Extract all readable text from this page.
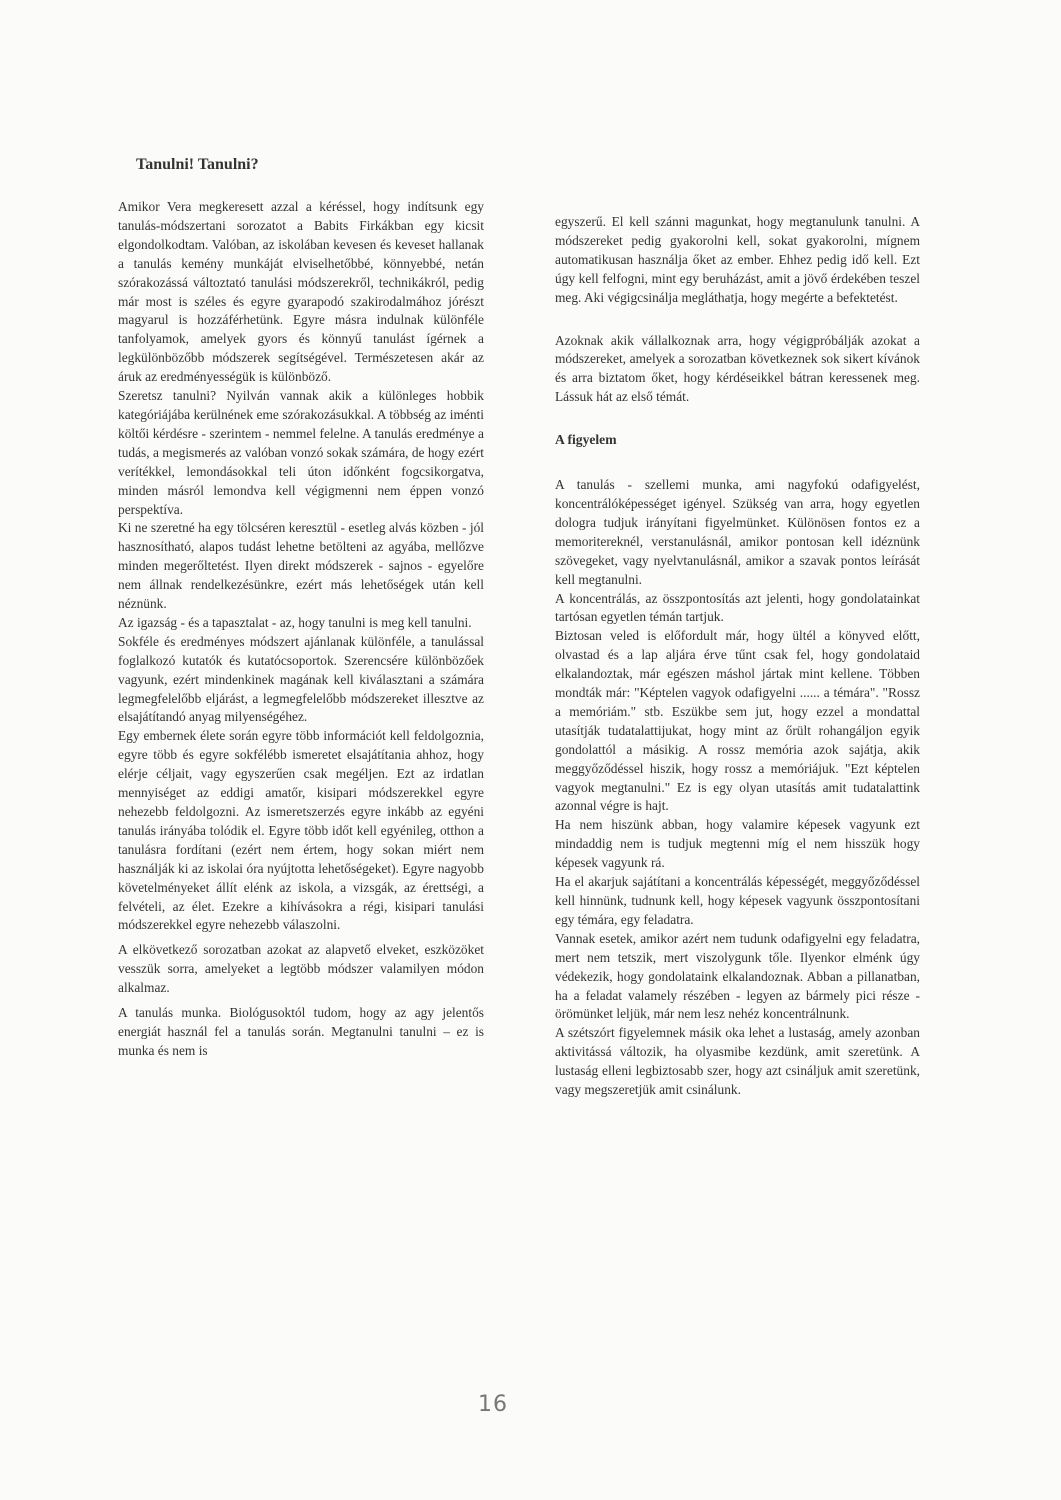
Tanulni! Tanulni?

Amikor Vera megkeresett azzal a kéréssel, hogy indítsunk egy tanulás-módszertani sorozatot a Babits Firkákban egy kicsit elgondolkodtam. Valóban, az iskolában kevesen és keveset hallanak a tanulás kemény munkáját elviselhetőbbé, könnyebbé, netán szórakozássá változtató tanulási módszerekről, technikákról, pedig már most is széles és egyre gyarapodó szakirodalmához jórészt magyarul is hozzáférhetünk. Egyre másra indulnak különféle tanfolyamok, amelyek gyors és könnyű tanulást ígérnek a legkülönbözőbb módszerek segítségével. Természetesen akár az áruk az eredményességük is különböző.

Szeretsz tanulni? Nyilván vannak akik a különleges hobbik kategóriájába kerülnének eme szórakozásukkal. A többség az iménti költői kérdésre - szerintem - nemmel felelne. A tanulás eredménye a tudás, a megismerés az valóban vonzó sokak számára, de hogy ezért verítékkel, lemondásokkal teli úton időnként fogcsikorgatva, minden másról lemondva kell végigmenni nem éppen vonzó perspektíva.

Ki ne szeretné ha egy tölcséren keresztül - esetleg alvás közben - jól hasznosítható, alapos tudást lehetne betölteni az agyába, mellőzve minden megerőltetést. Ilyen direkt módszerek - sajnos - egyelőre nem állnak rendelkezésünkre, ezért más lehetőségek után kell néznünk.

Az igazság - és a tapasztalat - az, hogy tanulni is meg kell tanulni.

Sokféle és eredményes módszert ajánlanak különféle, a tanulással foglalkozó kutatók és kutatócsoportok. Szerencsére különbözőek vagyunk, ezért mindenkinek magának kell kiválasztani a számára legmegfelelőbb eljárást, a legmegfelelőbb módszereket illesztve az elsajátítandó anyag milyenségéhez.

Egy embernek élete során egyre több információt kell feldolgoznia, egyre több és egyre sokfélébb ismeretet elsajátítania ahhoz, hogy elérje céljait, vagy egyszerűen csak megéljen. Ezt az irdatlan mennyiséget az eddigi amatőr, kisipari módszerekkel egyre nehezebb feldolgozni. Az ismeretszerzés egyre inkább az egyéni tanulás irányába tolódik el. Egyre több időt kell egyénileg, otthon a tanulásra fordítani (ezért nem értem, hogy sokan miért nem használják ki az iskolai óra nyújtotta lehetőségeket). Egyre nagyobb követelményeket állít elénk az iskola, a vizsgák, az érettségi, a felvételi, az élet. Ezekre a kihívásokra a régi, kisipari tanulási módszerekkel egyre nehezebb válaszolni.

A elkövetkező sorozatban azokat az alapvető elveket, eszközöket vesszük sorra, amelyeket a legtöbb módszer valamilyen módon alkalmaz.

A tanulás munka. Biológusoktól tudom, hogy az agy jelentős energiát használ fel a tanulás során. Megtanulni tanulni – ez is munka és nem is

egyszerű. El kell szánni magunkat, hogy megtanulunk tanulni. A módszereket pedig gyakorolni kell, sokat gyakorolni, mígnem automatikusan használja őket az ember. Ehhez pedig idő kell. Ezt úgy kell felfogni, mint egy beruházást, amit a jövő érdekében teszel meg. Aki végigcsinálja megláthatja, hogy megérte a befektetést.

Azoknak akik vállalkoznak arra, hogy végigpróbálják azokat a módszereket, amelyek a sorozatban következnek sok sikert kívánok és arra biztatom őket, hogy kérdéseikkel bátran keressenek meg. Lássuk hát az első témát.

A figyelem

A tanulás - szellemi munka, ami nagyfokú odafigyelést, koncentrálóképességet igényel. Szükség van arra, hogy egyetlen dologra tudjuk irányítani figyelmünket. Különösen fontos ez a memoritereknél, verstanulásnál, amikor pontosan kell idéznünk szövegeket, vagy nyelvtanulásnál, amikor a szavak pontos leírását kell megtanulni.

A koncentrálás, az összpontosítás azt jelenti, hogy gondolatainkat tartósan egyetlen témán tartjuk.

Biztosan veled is előfordult már, hogy ültél a könyved előtt, olvastad és a lap aljára érve tűnt csak fel, hogy gondolataid elkalandoztak, már egészen máshol jártak mint kellene. Többen mondták már: "Képtelen vagyok odafigyelni ...... a témára". "Rossz a memóriám." stb. Eszükbe sem jut, hogy ezzel a mondattal utasítják tudatalattijukat, hogy mint az őrült rohangáljon egyik gondolattól a másikig. A rossz memória azok sajátja, akik meggyőződéssel hiszik, hogy rossz a memóriájuk. "Ezt képtelen vagyok megtanulni." Ez is egy olyan utasítás amit tudatalattink azonnal végre is hajt.

Ha nem hiszünk abban, hogy valamire képesek vagyunk ezt mindaddig nem is tudjuk megtenni míg el nem hisszük hogy képesek vagyunk rá.

Ha el akarjuk sajátítani a koncentrálás képességét, meggyőződéssel kell hinnünk, tudnunk kell, hogy képesek vagyunk összpontosítani egy témára, egy feladatra.

Vannak esetek, amikor azért nem tudunk odafigyelni egy feladatra, mert nem tetszik, mert viszolygunk tőle. Ilyenkor elménk úgy védekezik, hogy gondolataink elkalandoznak. Abban a pillanatban, ha a feladat valamely részében - legyen az bármely pici része - örömünket leljük, már nem lesz nehéz koncentrálnunk.

A szétszórt figyelemnek másik oka lehet a lustaság, amely azonban aktivitássá változik, ha olyasmibe kezdünk, amit szeretünk. A lustaság elleni legbiztosabb szer, hogy azt csináljuk amit szeretünk, vagy megszeretjük amit csinálunk.

16
